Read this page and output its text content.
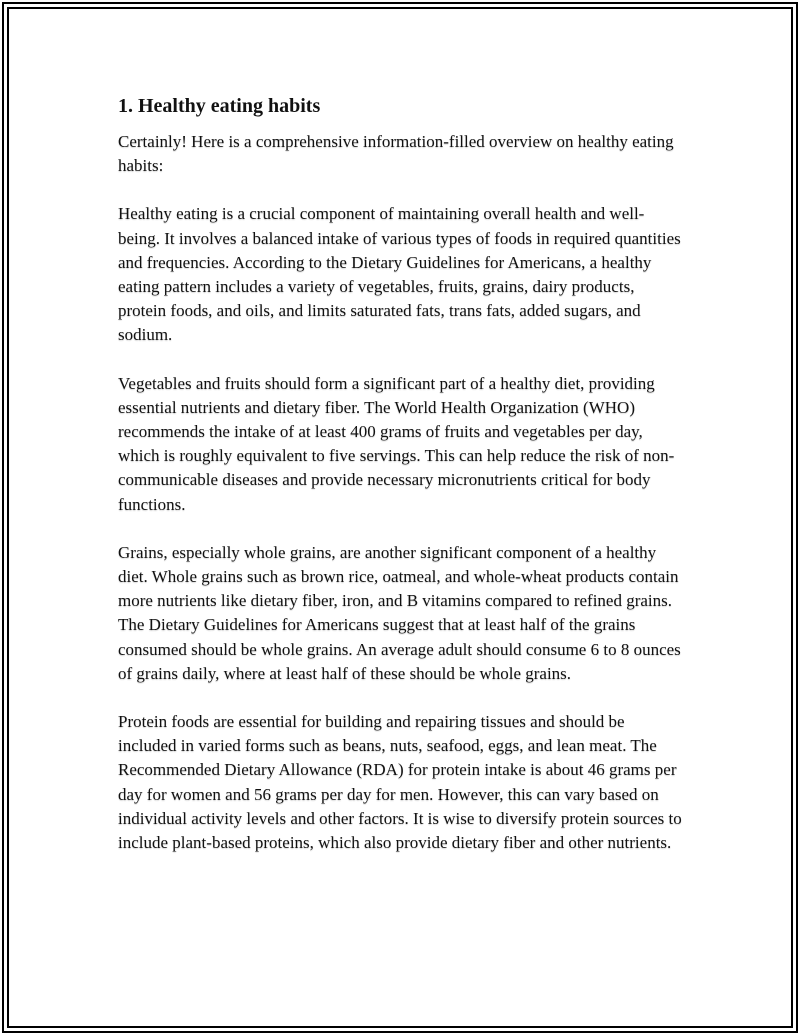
1. Healthy eating habits

Certainly! Here is a comprehensive information-filled overview on healthy eating habits:

Healthy eating is a crucial component of maintaining overall health and well-being. It involves a balanced intake of various types of foods in required quantities and frequencies. According to the Dietary Guidelines for Americans, a healthy eating pattern includes a variety of vegetables, fruits, grains, dairy products, protein foods, and oils, and limits saturated fats, trans fats, added sugars, and sodium.

Vegetables and fruits should form a significant part of a healthy diet, providing essential nutrients and dietary fiber. The World Health Organization (WHO) recommends the intake of at least 400 grams of fruits and vegetables per day, which is roughly equivalent to five servings. This can help reduce the risk of non-communicable diseases and provide necessary micronutrients critical for body functions.

Grains, especially whole grains, are another significant component of a healthy diet. Whole grains such as brown rice, oatmeal, and whole-wheat products contain more nutrients like dietary fiber, iron, and B vitamins compared to refined grains. The Dietary Guidelines for Americans suggest that at least half of the grains consumed should be whole grains. An average adult should consume 6 to 8 ounces of grains daily, where at least half of these should be whole grains.

Protein foods are essential for building and repairing tissues and should be included in varied forms such as beans, nuts, seafood, eggs, and lean meat. The Recommended Dietary Allowance (RDA) for protein intake is about 46 grams per day for women and 56 grams per day for men. However, this can vary based on individual activity levels and other factors. It is wise to diversify protein sources to include plant-based proteins, which also provide dietary fiber and other nutrients.
